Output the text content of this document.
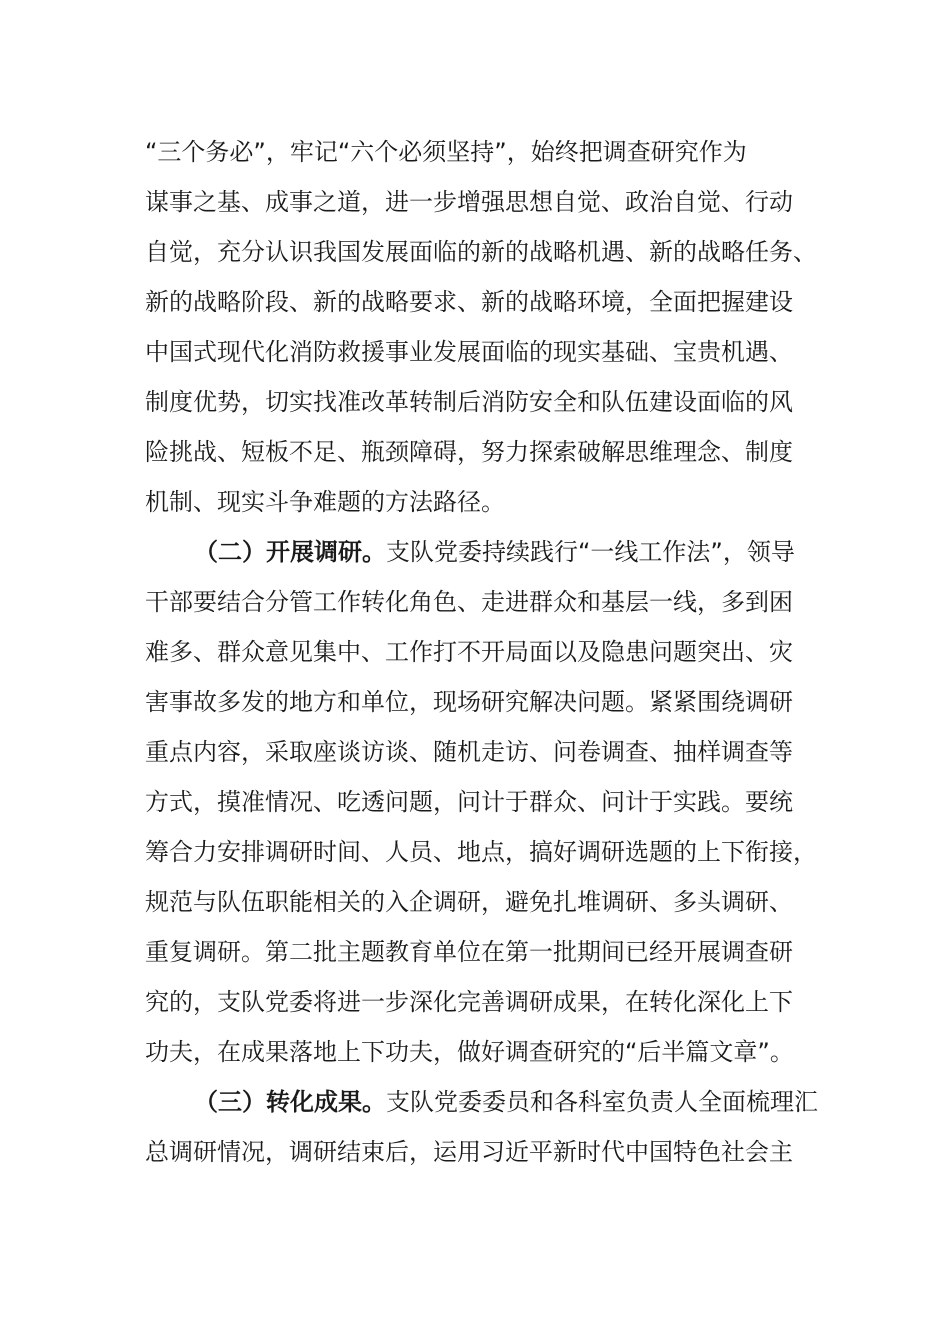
“三个务必”，牢记“六个必须坚持”，始终把调查研究作为
谋事之基、成事之道，进一步增强思想自觉、政治自觉、行动
自觉，充分认识我国发展面临的新的战略机遇、新的战略任务、
新的战略阶段、新的战略要求、新的战略环境，全面把握建设
中国式现代化消防救援事业发展面临的现实基础、宝贵机遇、
制度优势，切实找准改革转制后消防安全和队伍建设面临的风
险挑战、短板不足、瓶颈障碍，努力探索破解思维理念、制度
机制、现实斗争难题的方法路径。
（二）开展调研。支队党委持续践行“一线工作法”，领导
干部要结合分管工作转化角色、走进群众和基层一线，多到困
难多、群众意见集中、工作打不开局面以及隐患问题突出、灾
害事故多发的地方和单位，现场研究解决问题。紧紧围绕调研
重点内容，采取座谈访谈、随机走访、问卷调查、抽样调查等
方式，摸准情况、吃透问题，问计于群众、问计于实践。要统
筹合力安排调研时间、人员、地点，搞好调研选题的上下衔接，
规范与队伍职能相关的入企调研，避免扎堆调研、多头调研、
重复调研。第二批主题教育单位在第一批期间已经开展调查研
究的，支队党委将进一步深化完善调研成果，在转化深化上下
功夫，在成果落地上下功夫，做好调查研究的“后半篇文章”。
（三）转化成果。支队党委委员和各科室负责人全面梳理汇
总调研情况，调研结束后，运用习近平新时代中国特色社会主
